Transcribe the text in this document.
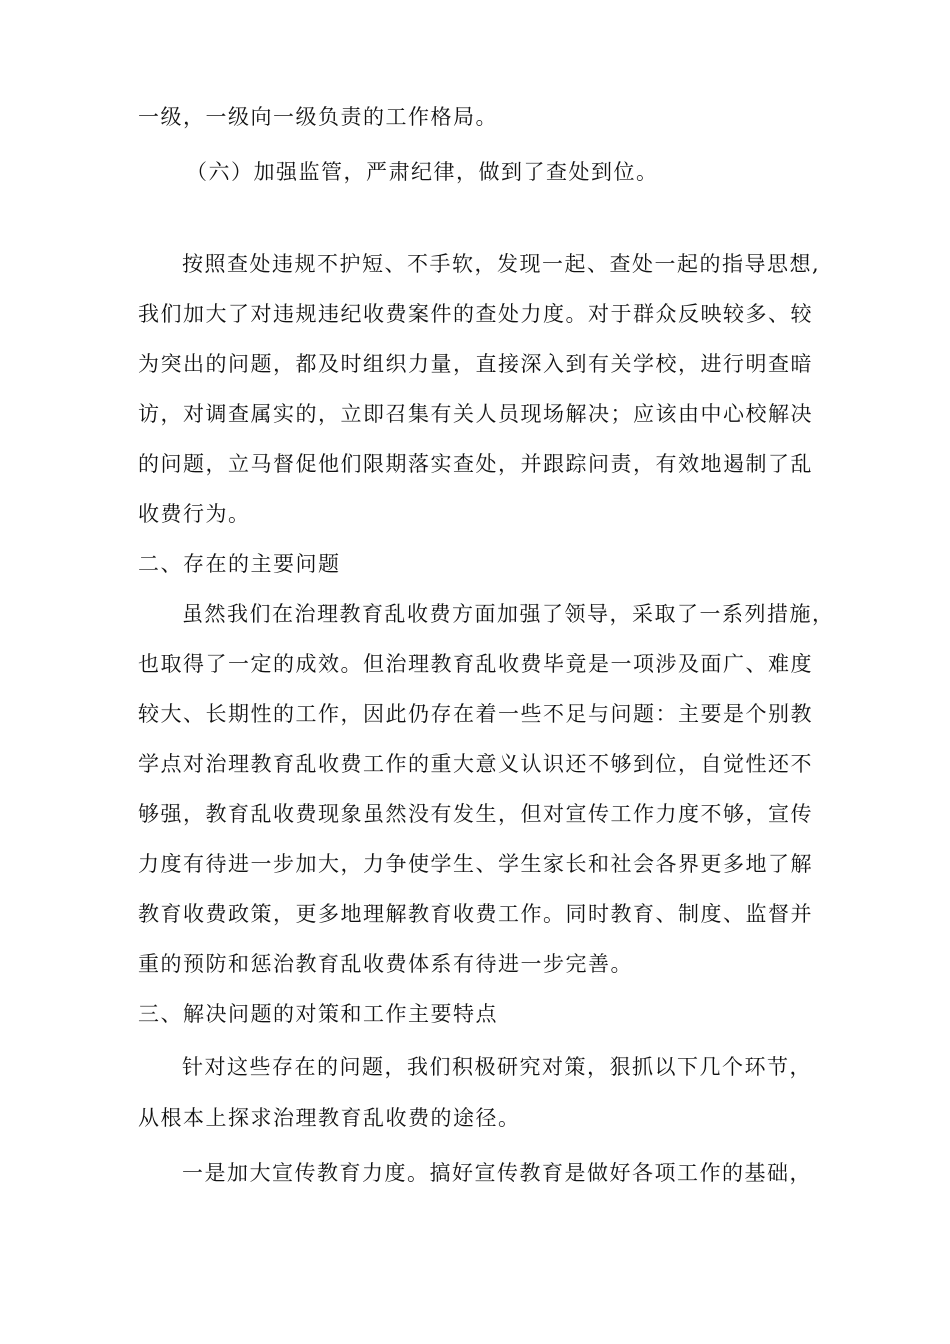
一级，一级向一级负责的工作格局。
（六）加强监管，严肃纪律，做到了查处到位。
按照查处违规不护短、不手软，发现一起、查处一起的指导思想,
我们加大了对违规违纪收费案件的查处力度。对于群众反映较多、较
为突出的问题，都及时组织力量，直接深入到有关学校，进行明查暗
访，对调查属实的，立即召集有关人员现场解决；应该由中心校解决
的问题，立马督促他们限期落实查处，并跟踪问责，有效地遏制了乱
收费行为。
二、存在的主要问题
虽然我们在治理教育乱收费方面加强了领导，采取了一系列措施，
也取得了一定的成效。但治理教育乱收费毕竟是一项涉及面广、难度
较大、长期性的工作，因此仍存在着一些不足与问题：主要是个别教
学点对治理教育乱收费工作的重大意义认识还不够到位，自觉性还不
够强，教育乱收费现象虽然没有发生，但对宣传工作力度不够，宣传
力度有待进一步加大，力争使学生、学生家长和社会各界更多地了解
教育收费政策，更多地理解教育收费工作。同时教育、制度、监督并
重的预防和惩治教育乱收费体系有待进一步完善。
三、解决问题的对策和工作主要特点
针对这些存在的问题，我们积极研究对策，狠抓以下几个环节，
从根本上探求治理教育乱收费的途径。
一是加大宣传教育力度。搞好宣传教育是做好各项工作的基础，
